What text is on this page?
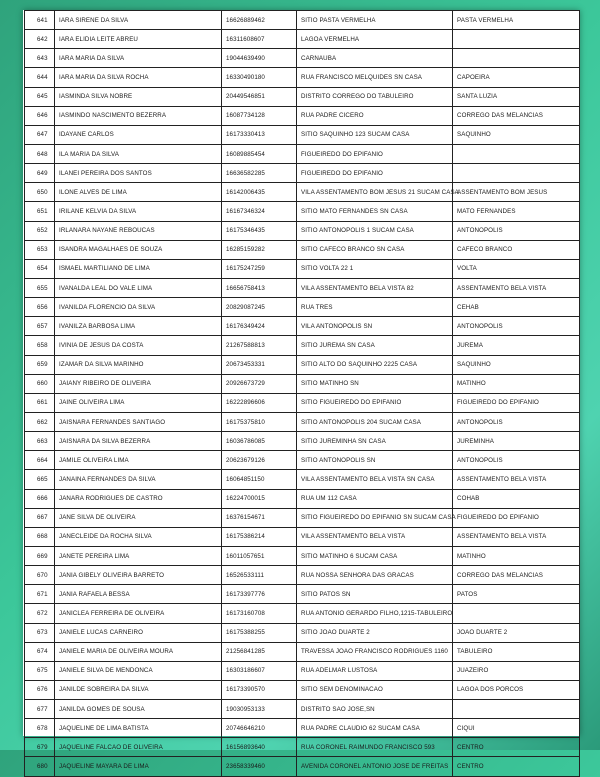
641	IARA SIRENE DA SILVA	16626889462	SITIO PASTA VERMELHA	PASTA VERMELHA
642	IARA ELIDIA LEITE ABREU	16311608607	LAGOA VERMELHA	
643	IARA MARIA DA SILVA	19044639490	CARNAUBA	
644	IARA MARIA DA SILVA ROCHA	16330490180	RUA FRANCISCO MELQUIDES SN CASA	CAPOEIRA
645	IASMINDA SILVA NOBRE	20449546851	DISTRITO CORREGO DO TABULEIRO	SANTA LUZIA
646	IASMINDO NASCIMENTO BEZERRA	16087734128	RUA PADRE CICERO	CORREGO DAS MELANCIAS
647	IDAYANE CARLOS	16173330413	SITIO SAQUINHO 123 SUCAM CASA	SAQUINHO
648	ILA MARIA DA SILVA	16089885454	FIGUEIREDO DO EPIFANIO	
649	ILANEI PEREIRA DOS SANTOS	16636582285	FIGUEIREDO DO EPIFANIO	
650	ILONE ALVES DE LIMA	16142006435	VILA ASSENTAMENTO BOM JESUS 21 SUCAM CASA	ASSENTAMENTO BOM JESUS
651	IRILANE KELVIA DA SILVA	16167346324	SITIO MATO FERNANDES SN CASA	MATO FERNANDES
652	IRLANARA NAYANE REBOUCAS	16175346435	SITIO ANTONOPOLIS 1 SUCAM CASA	ANTONOPOLIS
653	ISANDRA MAGALHAES DE SOUZA	16285159282	SITIO CAFECO BRANCO SN CASA	CAFECO BRANCO
654	ISMAEL MARTILIANO DE LIMA	16175247259	SITIO VOLTA 22 1	VOLTA
655	IVANALDA LEAL DO VALE LIMA	16656758413	VILA ASSENTAMENTO BELA VISTA 82	ASSENTAMENTO BELA VISTA
656	IVANILDA FLORENCIO DA SILVA	20829087245	RUA TRES	CEHAB
657	IVANILZA BARBOSA LIMA	16176349424	VILA ANTONOPOLIS SN	ANTONOPOLIS
658	IVINIA DE JESUS DA COSTA	21267588813	SITIO JUREMA SN CASA	JUREMA
659	IZAMAR DA SILVA MARINHO	20673453331	SITIO ALTO DO SAQUINHO 2225 CASA	SAQUINHO
660	JAIANY RIBEIRO DE OLIVEIRA	20926673729	SITIO MATINHO SN	MATINHO
661	JAINE OLIVEIRA LIMA	16222896606	SITIO FIGUEIREDO DO EPIFANIO	FIGUEIREDO DO EPIFANIO
662	JAISNARA FERNANDES SANTIAGO	16175375810	SITIO ANTONOPOLIS 204 SUCAM CASA	ANTONOPOLIS
663	JAISNARA DA SILVA BEZERRA	16036786085	SITIO JUREMINHA SN CASA	JUREMINHA
664	JAMILE OLIVEIRA LIMA	20623679126	SITIO ANTONOPOLIS SN	ANTONOPOLIS
665	JANAINA FERNANDES DA SILVA	16064851150	VILA ASSENTAMENTO BELA VISTA SN CASA	ASSENTAMENTO BELA VISTA
666	JANARA RODRIGUES DE CASTRO	16224700015	RUA UM 112 CASA	COHAB
667	JANE SILVA DE OLIVEIRA	16376154671	SITIO FIGUEIREDO DO EPIFANIO SN SUCAM CASA	FIGUEIREDO DO EPIFANIO
668	JANECLEIDE DA ROCHA SILVA	16175386214	VILA ASSENTAMENTO BELA VISTA	ASSENTAMENTO BELA VISTA
669	JANETE PEREIRA LIMA	16011057651	SITIO MATINHO 6 SUCAM CASA	MATINHO
670	JANIA GIBELY OLIVEIRA BARRETO	16526533111	RUA NOSSA SENHORA DAS GRACAS	CORREGO DAS MELANCIAS
671	JANIA RAFAELA BESSA	16173397776	SITIO PATOS SN	PATOS
672	JANICLEA FERREIRA DE OLIVEIRA	16173160708	RUA ANTONIO GERARDO FILHO,1215-TABULEIRO	
673	JANIELE LUCAS CARNEIRO	16175388255	SITIO JOAO DUARTE 2	JOAO DUARTE 2
674	JANIELE MARIA DE OLIVEIRA MOURA	21256841285	TRAVESSA JOAO FRANCISCO RODRIGUES 1160	TABULEIRO
675	JANIELE SILVA DE MENDONCA	16303186607	RUA ADELMAR LUSTOSA	JUAZEIRO
676	JANILDE SOBREIRA DA SILVA	16173390570	SITIO SEM DENOMINACAO	LAGOA DOS PORCOS
677	JANILDA GOMES DE SOUSA	19030953133	DISTRITO SAO JOSE,SN	
678	JAQUELINE DE LIMA BATISTA	20746646210	RUA PADRE CLAUDIO 62 SUCAM CASA	CIQUI
679	JAQUELINE FALCAO DE OLIVEIRA	16156893640	RUA CORONEL RAIMUNDO FRANCISCO 593	CENTRO
680	JAQUELINE MAYARA DE LIMA	23658339460	AVENIDA CORONEL ANTONIO JOSE DE FREITAS	CENTRO
